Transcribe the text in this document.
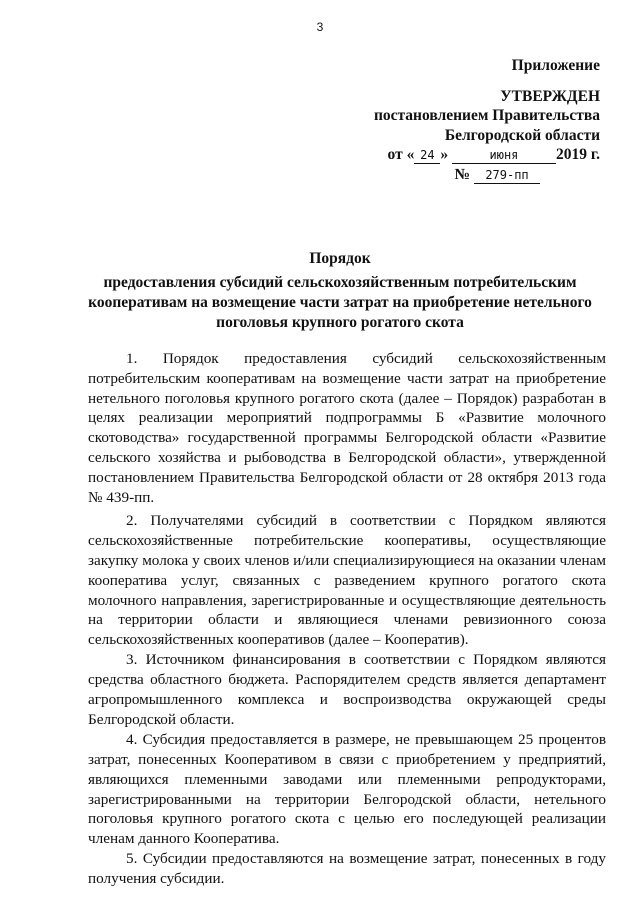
3
Приложение
УТВЕРЖДЕН
постановлением Правительства
Белгородской области
от « 24 »	июня 2019 г.
№ 279-пп
Порядок
предоставления субсидий сельскохозяйственным потребительским
кооперативам на возмещение части затрат на приобретение нетельного
поголовья крупного рогатого скота

1. Порядок предоставления субсидий сельскохозяйственным потребительским кооперативам на возмещение части затрат на приобретение нетельного поголовья крупного рогатого скота (далее – Порядок) разработан в целях реализации мероприятий подпрограммы Б «Развитие молочного скотоводства» государственной программы Белгородской области «Развитие сельского хозяйства и рыбоводства в Белгородской области», утвержденной постановлением Правительства Белгородской области от 28 октября 2013 года № 439-пп.

2. Получателями субсидий в соответствии с Порядком являются сельскохозяйственные потребительские кооперативы, осуществляющие закупку молока у своих членов и/или специализирующиеся на оказании членам кооператива услуг, связанных с разведением крупного рогатого скота молочного направления, зарегистрированные и осуществляющие деятельность на территории области и являющиеся членами ревизионного союза сельскохозяйственных кооперативов (далее – Кооператив).

3. Источником финансирования в соответствии с Порядком являются средства областного бюджета. Распорядителем средств является департамент агропромышленного комплекса и воспроизводства окружающей среды Белгородской области.

4. Субсидия предоставляется в размере, не превышающем 25 процентов затрат, понесенных Кооперативом в связи с приобретением у предприятий, являющихся племенными заводами или племенными репродукторами, зарегистрированными на территории Белгородской области, нетельного поголовья крупного рогатого скота с целью его последующей реализации членам данного Кооператива.

5. Субсидии предоставляются на возмещение затрат, понесенных в году получения субсидии.
